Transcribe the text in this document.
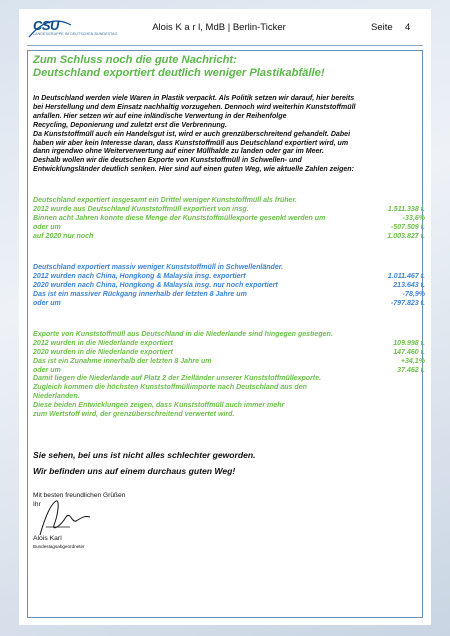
CSU
LANDESGRUPPE IM DEUTSCHEN BUNDESTAG
Alois K a r l, MdB | Berlin-Ticker	Seite 4
Zum Schluss noch die gute Nachricht:
Deutschland exportiert deutlich weniger Plastikabfälle!
In Deutschland werden viele Waren in Plastik verpackt. Als Politik setzen wir darauf, hier bereits
bei Herstellung und dem Einsatz nachhaltig vorzugehen. Dennoch wird weiterhin Kunststoffmüll
anfallen. Hier setzen wir auf eine inländische Verwertung in der Reihenfolge
Recycling, Deponierung und zuletzt erst die Verbrennung.
Da Kunststoffmüll auch ein Handelsgut ist, wird er auch grenzüberschreitend gehandelt. Dabei
haben wir aber kein Interesse daran, dass Kunststoffmüll aus Deutschland exportiert wird, um
dann irgendwo ohne Weiterverwertung auf einer Müllhalde zu landen oder gar im Meer.
Deshalb wollen wir die deutschen Exporte von Kunststoffmüll in Schwellen- und
Entwicklungsländer deutlich senken. Hier sind auf einen guten Weg, wie aktuelle Zahlen zeigen:
Deutschland exportiert insgesamt ein Drittel weniger Kunststoffmüll als früher.
2012 wurde aus Deutschland Kunststoffmüll exportiert von insg.	1.511.338 t.
Binnen acht Jahren konnte diese Menge der Kunststoffmüllexporte gesenkt werden um	-33,6%
oder um	-507.509 t.
auf 2020 nur noch	1.003.827 t.
Deutschland exportiert massiv weniger Kunststoffmüll in Schwellenländer.
2012 wurden nach China, Hongkong & Malaysia insg. exportiert	1.011.467 t.
2020 wurden nach China, Hongkong & Malaysia insg. nur noch exportiert	213.643 t.
Das ist ein massiver Rückgang innerhalb der letzten 8 Jahre um	-78,9%
oder um	-797.823 t.
Exporte von Kunststoffmüll aus Deutschland in die Niederlande sind hingegen gestiegen.
2012 wurden in die Niederlande exportiert	109.998 t.
2020 wurden in die Niederlande exportiert	147.460 t.
Das ist ein Zunahme innerhalb der letzten 8 Jahre um	+34,1%
oder um	37.462 t.
Damit liegen die Niederlande auf Platz 2 der Zielländer unserer Kunststoffmüllexporte.
Zugleich kommen die höchsten Kunststoffmüllimporte nach Deutschland aus den
Niederlanden.
Diese beiden Entwicklungen zeigen, dass Kunststoffmüll auch immer mehr
zum Wertstoff wird, der grenzüberschreitend verwertet wird.
Sie sehen, bei uns ist nicht alles schlechter geworden.
Wir befinden uns auf einem durchaus guten Weg!
Mit besten freundlichen Grüßen
Ihr
Alois Karl
Bundestagsabgeordneter
